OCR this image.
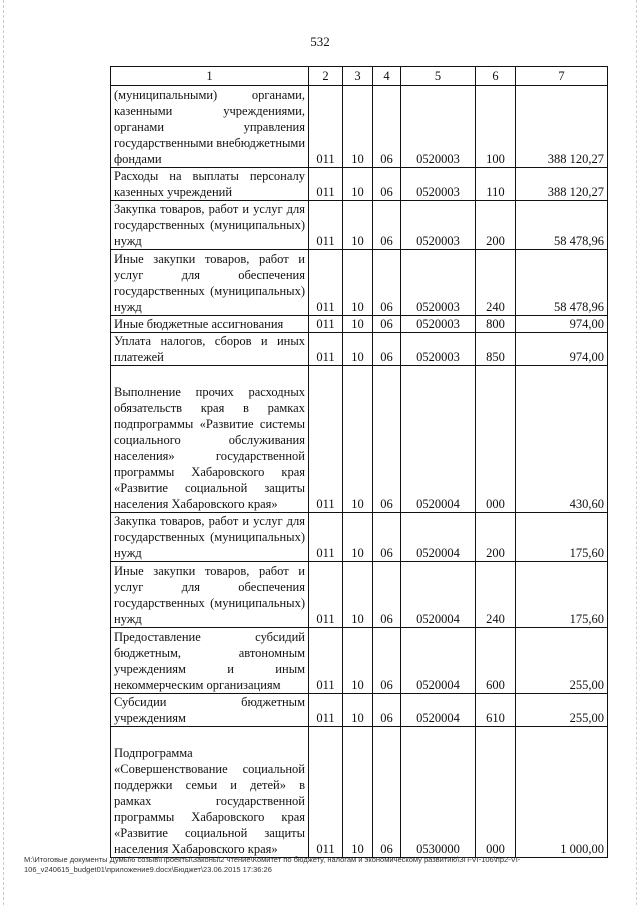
532
1	2	3	4	5	6	7
(муниципальными) органами, казенными учреждениями, органами управления государственными внебюджетными фондами	011	10	06	0520003	100	388 120,27
Расходы на выплаты персоналу казенных учреждений	011	10	06	0520003	110	388 120,27
Закупка товаров, работ и услуг для государственных (муниципальных) нужд	011	10	06	0520003	200	58 478,96
Иные закупки товаров, работ и услуг для обеспечения государственных (муниципальных) нужд	011	10	06	0520003	240	58 478,96
Иные бюджетные ассигнования	011	10	06	0520003	800	974,00
Уплата налогов, сборов и иных платежей	011	10	06	0520003	850	974,00
Выполнение прочих расходных обязательств края в рамках подпрограммы «Развитие системы социального обслуживания населения» государственной программы Хабаровского края «Развитие социальной защиты населения Хабаровского края»	011	10	06	0520004	000	430,60
Закупка товаров, работ и услуг для государственных (муниципальных) нужд	011	10	06	0520004	200	175,60
Иные закупки товаров, работ и услуг для обеспечения государственных (муниципальных) нужд	011	10	06	0520004	240	175,60
Предоставление субсидий бюджетным, автономным учреждениям и иным некоммерческим организациям	011	10	06	0520004	600	255,00
Субсидии бюджетным учреждениям	011	10	06	0520004	610	255,00
Подпрограмма «Совершенствование социальной поддержки семьи и детей» в рамках государственной программы Хабаровского края «Развитие социальной защиты населения Хабаровского края»	011	10	06	0530000	000	1 000,00
М:\Итоговые документы Думы\6 созыв\Проекты\Законы\2 чтение\Комитет по бюджету, налогам и экономическому развитию\ЗП-VI-106\пр2-VI-106_v240615_budget01\приложение9.docx\Бюджет\23.06.2015 17:36:26
